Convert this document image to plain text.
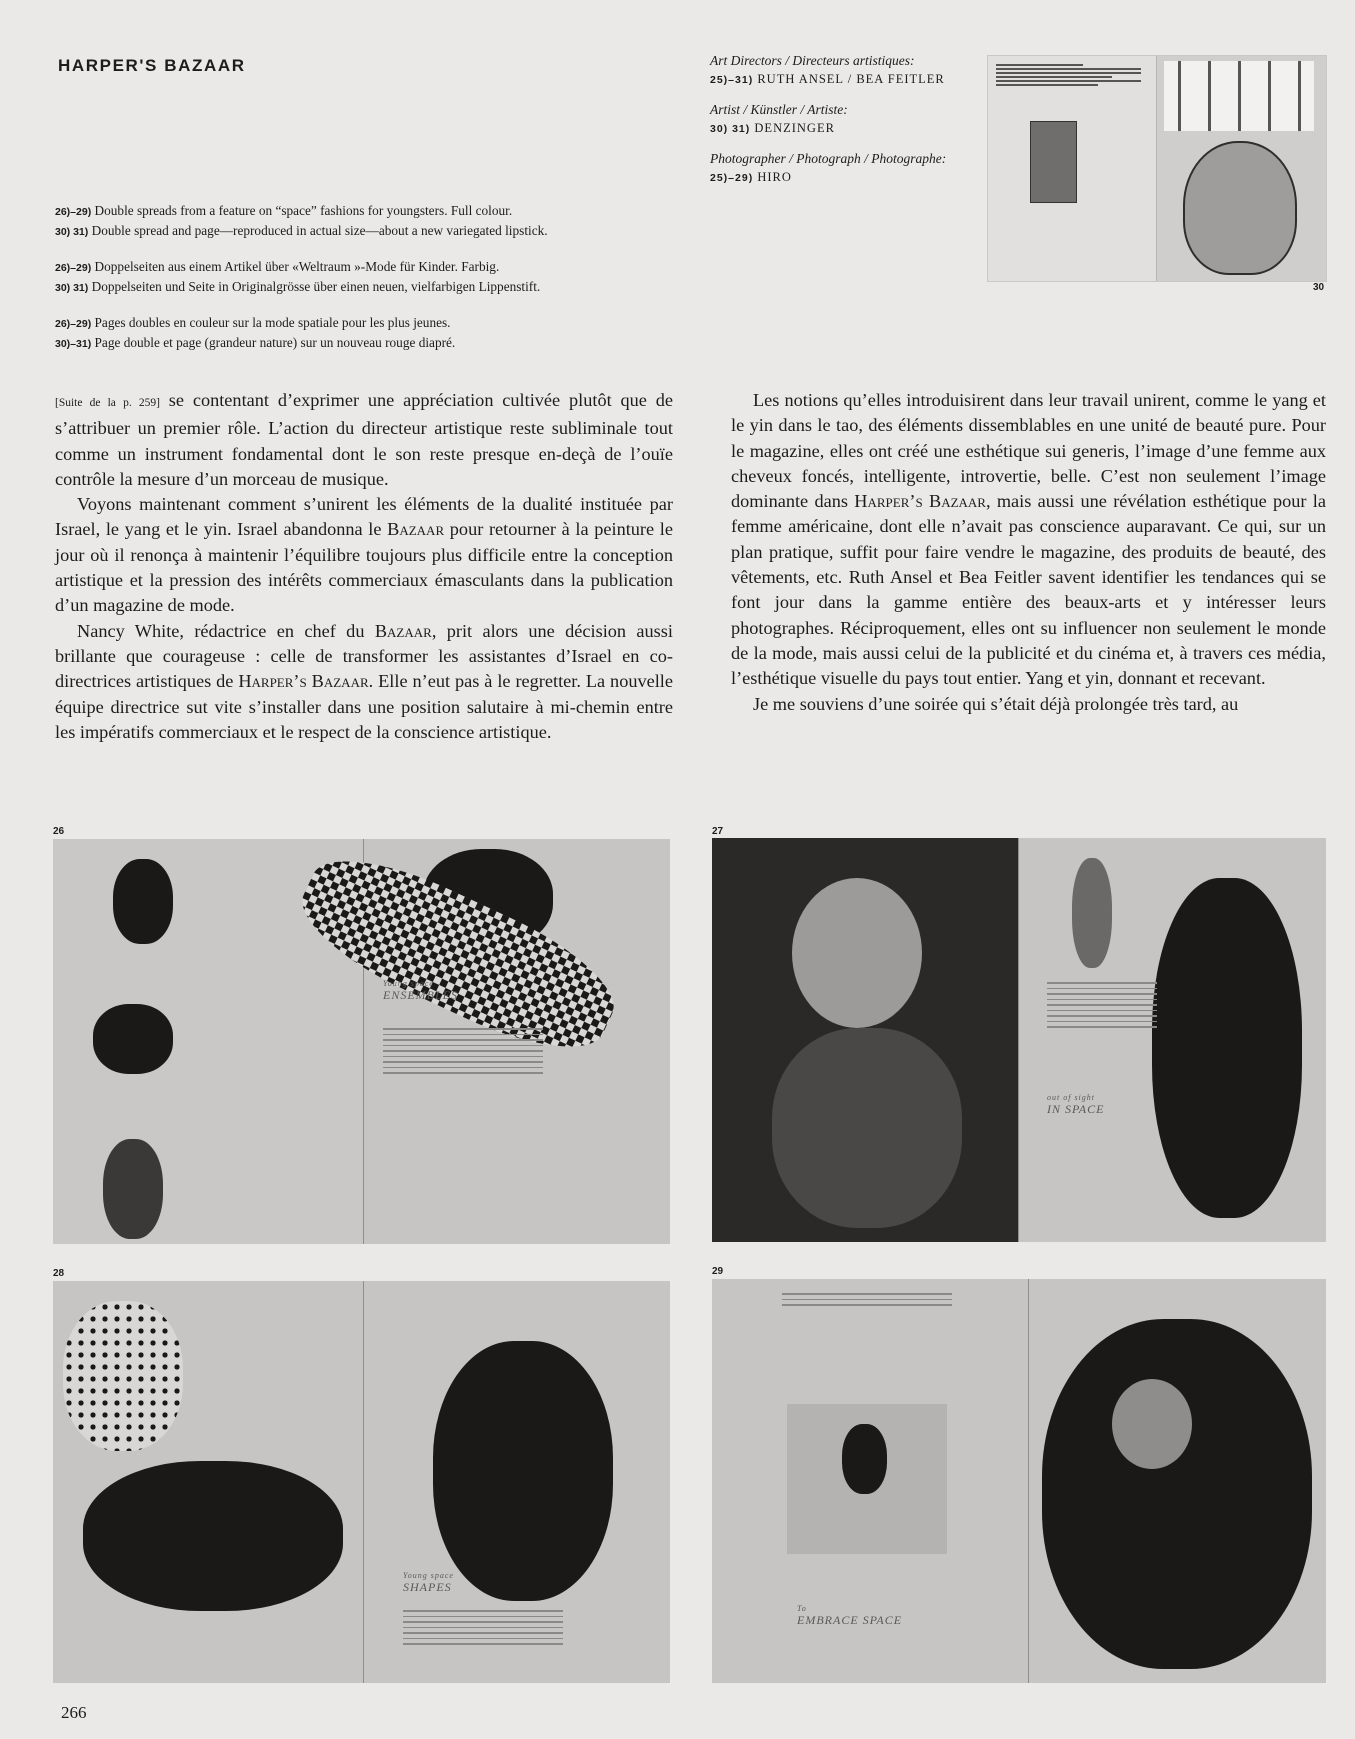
HARPER'S BAZAAR
26)–29) Double spreads from a feature on “space” fashions for youngsters. Full colour.
30) 31) Double spread and page—reproduced in actual size—about a new variegated lipstick.
26)–29) Doppelseiten aus einem Artikel über «Weltraum »-Mode für Kinder. Farbig.
30) 31) Doppelseiten und Seite in Originalgrösse über einen neuen, vielfarbigen Lippenstift.
26)–29) Pages doubles en couleur sur la mode spatiale pour les plus jeunes.
30)–31) Page double et page (grandeur nature) sur un nouveau rouge diapré.
Art Directors / Directeurs artistiques:
25)–31) RUTH ANSEL / BEA FEITLER
Artist / Künstler / Artiste:
30) 31) DENZINGER
Photographer / Photograph / Photographe:
25)–29) HIRO
30

[Suite de la p. 259] se contentant d’exprimer une appréciation cultivée plutôt que de s’attribuer un premier rôle. L’action du directeur artistique reste subliminale tout comme un instrument fondamental dont le son reste presque en-deçà de l’ouïe contrôle la mesure d’un morceau de musique.

Voyons maintenant comment s’unirent les éléments de la dualité instituée par Israel, le yang et le yin. Israel abandonna le Bazaar pour retourner à la peinture le jour où il renonça à maintenir l’équilibre toujours plus difficile entre la conception artistique et la pression des intérêts commerciaux émasculants dans la publication d’un magazine de mode.

Nancy White, rédactrice en chef du Bazaar, prit alors une décision aussi brillante que courageuse : celle de transformer les assistantes d’Israel en co-directrices artistiques de Harper’s Bazaar. Elle n’eut pas à le regretter. La nouvelle équipe directrice sut vite s’installer dans une position salutaire à mi-chemin entre les impératifs commerciaux et le respect de la conscience artistique.

Les notions qu’elles introduisirent dans leur travail unirent, comme le yang et le yin dans le tao, des éléments dissemblables en une unité de beauté pure. Pour le magazine, elles ont créé une esthétique sui generis, l’image d’une femme aux cheveux foncés, intelligente, introvertie, belle. C’est non seulement l’image dominante dans Harper’s Bazaar, mais aussi une révélation esthétique pour la femme américaine, dont elle n’avait pas conscience auparavant. Ce qui, sur un plan pratique, suffit pour faire vendre le magazine, des produits de beauté, des vêtements, etc. Ruth Ansel et Bea Feitler savent identifier les tendances qui se font jour dans la gamme entière des beaux-arts et y intéresser leurs photographes. Réciproquement, elles ont su influencer non seulement le monde de la mode, mais aussi celui de la publicité et du cinéma et, à travers ces média, l’esthétique visuelle du pays tout entier. Yang et yin, donnant et recevant.

Je me souviens d’une soirée qui s’était déjà prolongée très tard, au

26
Young space
ENSEMBLES
27
out of sight
IN SPACE
28
Young space
SHAPES
29
To
EMBRACE SPACE
266
